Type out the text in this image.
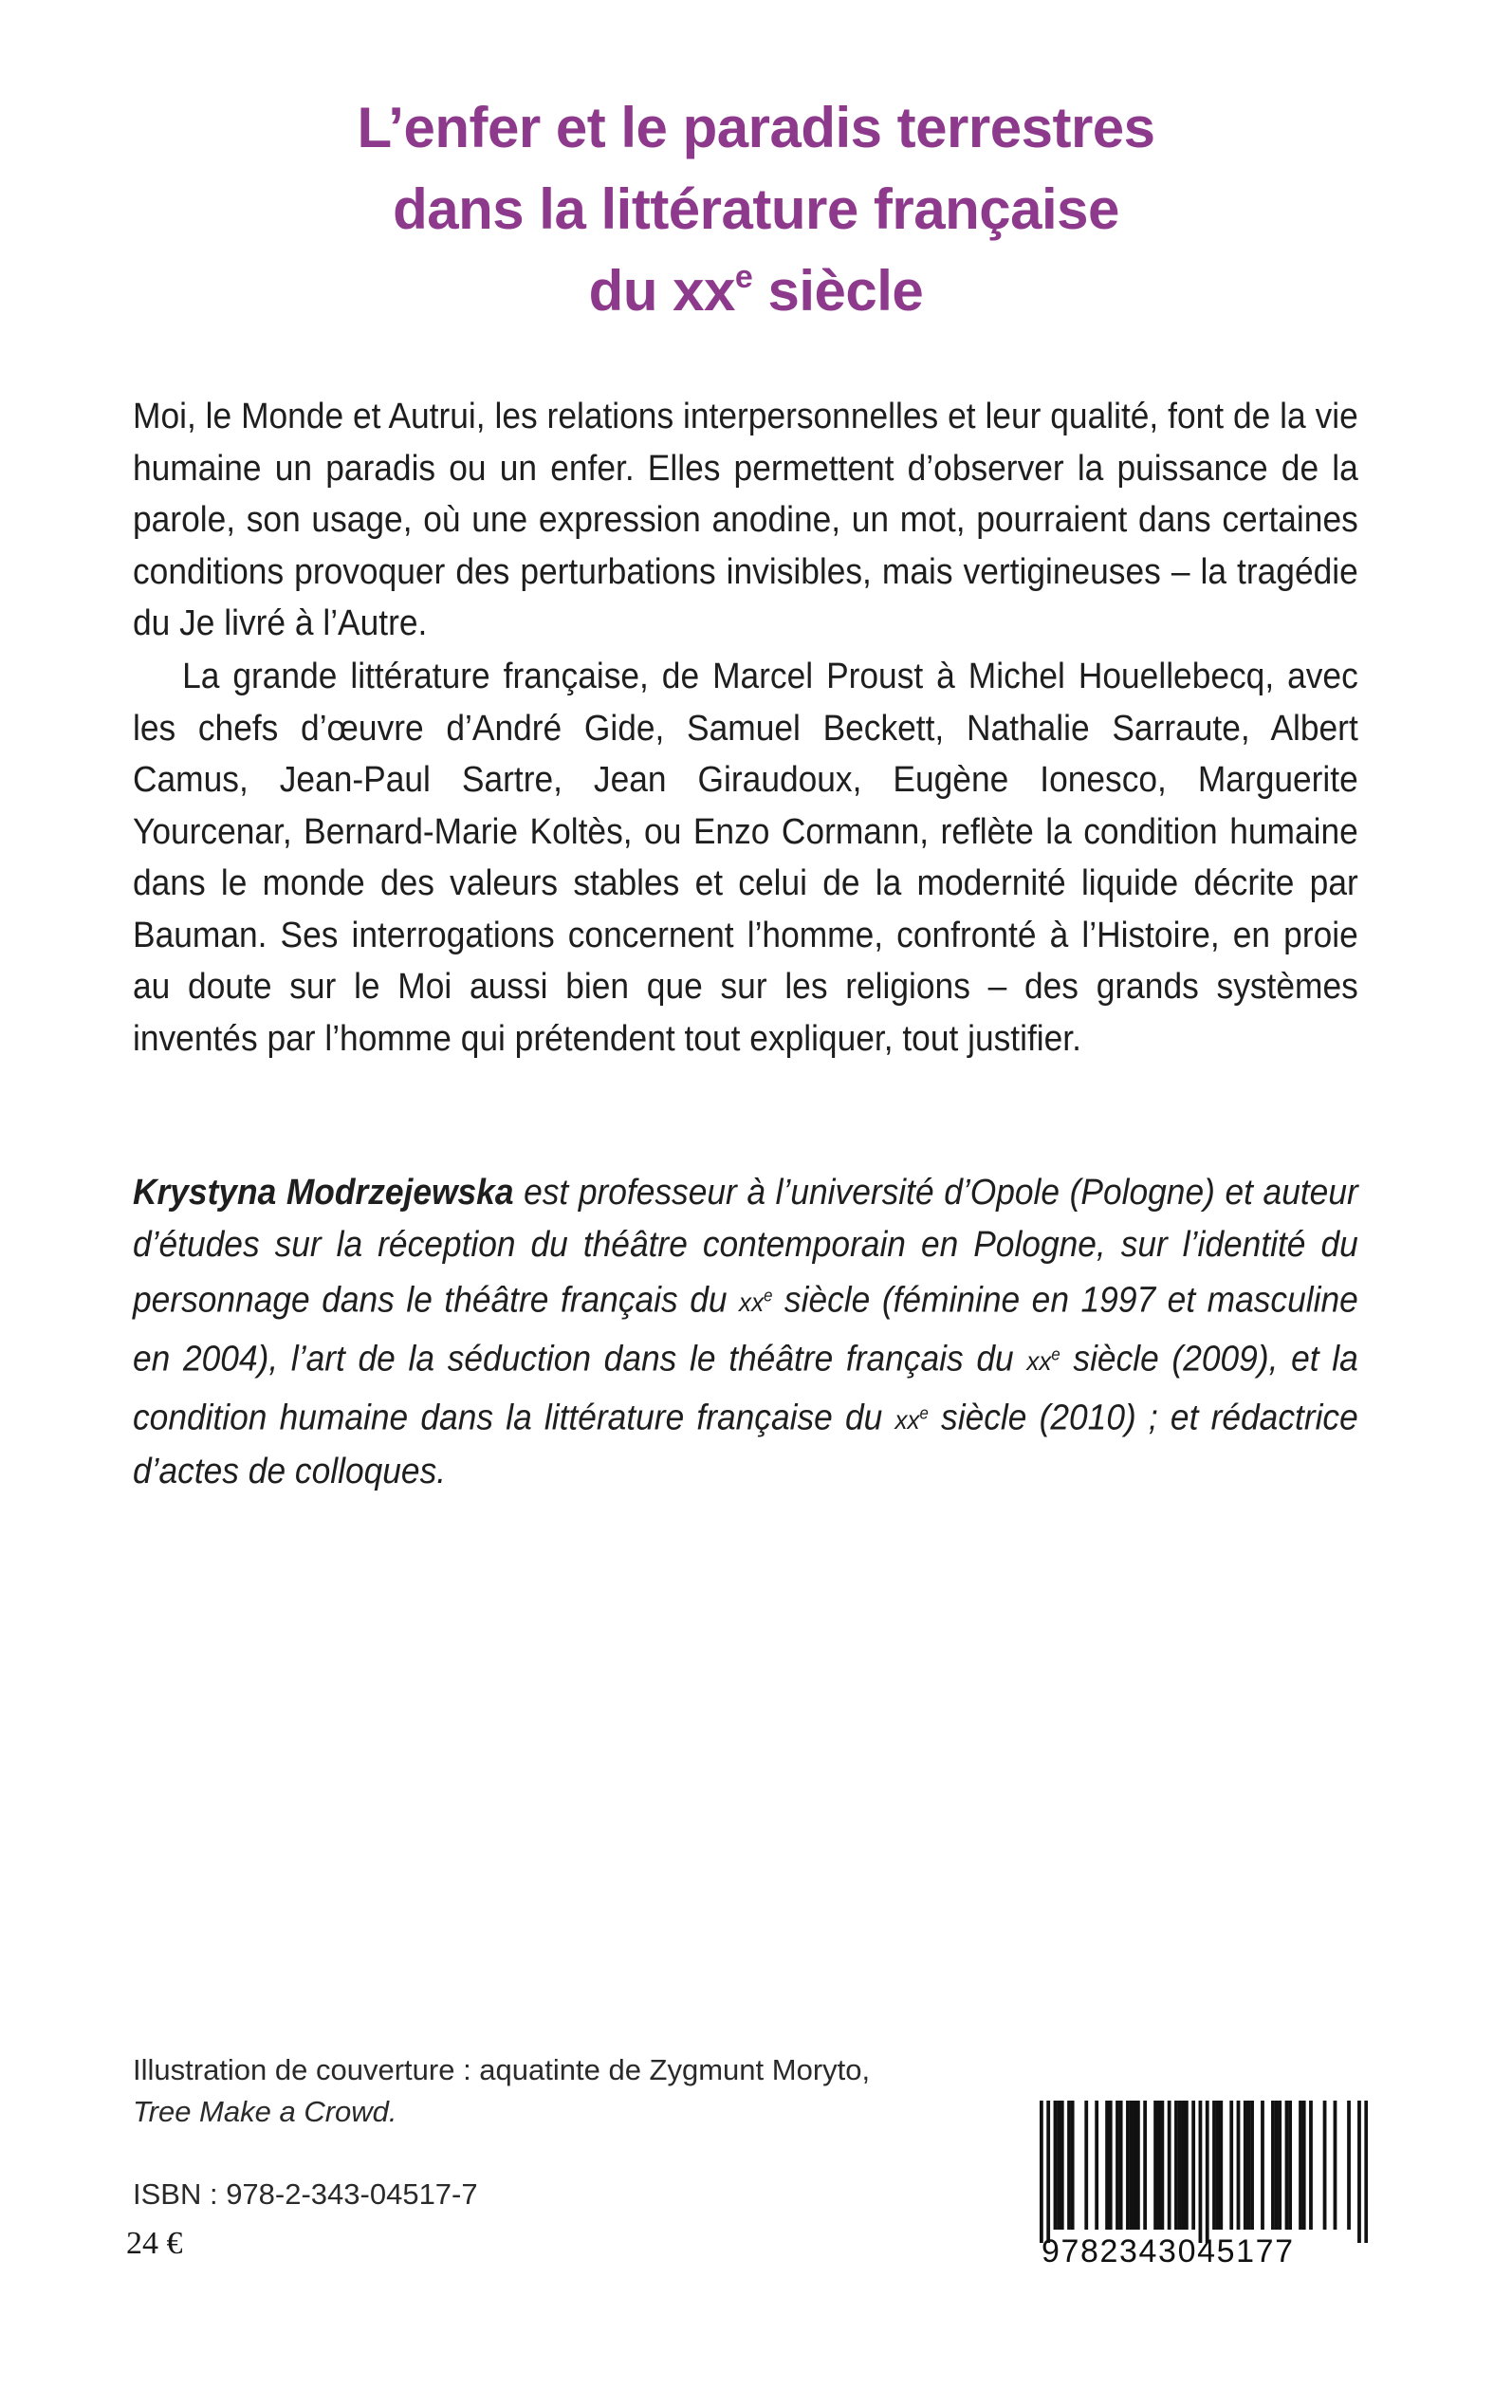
L’enfer et le paradis terrestres
dans la littérature française
du $xx^e$ siècle
Moi, le Monde et Autrui, les relations interpersonnelles et leur qualité, font de la vie humaine un paradis ou un enfer. Elles permettent d’observer la puissance de la parole, son usage, où une expression anodine, un mot, pourraient dans certaines conditions provoquer des perturbations invisibles, mais vertigineuses – la tragédie du Je livré à l’Autre.
La grande littérature française, de Marcel Proust à Michel Houellebecq, avec les chefs d’œuvre d’André Gide, Samuel Beckett, Nathalie Sarraute, Albert Camus, Jean-Paul Sartre, Jean Giraudoux, Eugène Ionesco, Marguerite Yourcenar, Bernard-Marie Koltès, ou Enzo Cormann, reflète la condition humaine dans le monde des valeurs stables et celui de la modernité liquide décrite par Bauman. Ses interrogations concernent l’homme, confronté à l’Histoire, en proie au doute sur le Moi aussi bien que sur les religions – des grands systèmes inventés par l’homme qui prétendent tout expliquer, tout justifier.
Krystyna Modrzejewska est professeur à l’université d’Opole (Pologne) et auteur d’études sur la réception du théâtre contemporain en Pologne, sur l’identité du personnage dans le théâtre français du $xx^e$ siècle (féminine en 1997 et masculine en 2004), l’art de la séduction dans le théâtre français du $xx^e$ siècle (2009), et la condition humaine dans la littérature française du $xx^e$ siècle (2010) ; et rédactrice d’actes de colloques.
Illustration de couverture : aquatinte de Zygmunt Moryto,
Tree Make a Crowd.
ISBN : 978-2-343-04517-7
24 €	9782343045177
